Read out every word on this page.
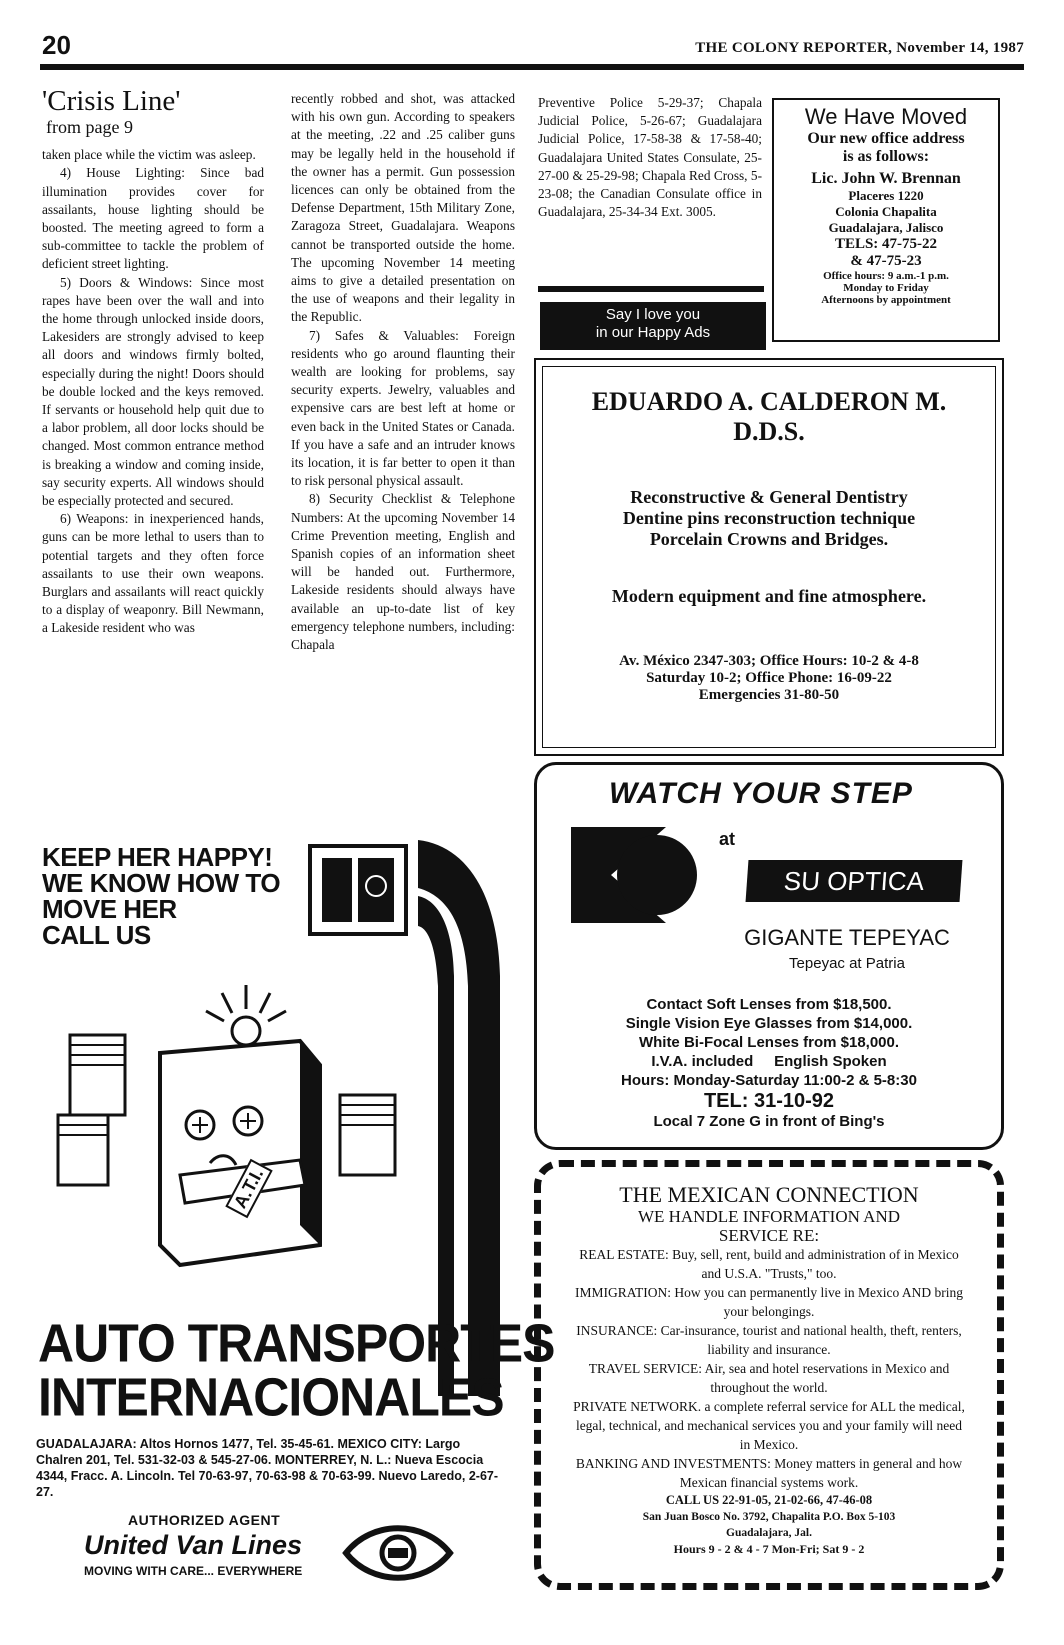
20	THE COLONY REPORTER, November 14, 1987
'Crisis Line'
from page 9

taken place while the victim was asleep.

4) House Lighting: Since bad illumination provides cover for assailants, house lighting should be boosted. The meeting agreed to form a sub-committee to tackle the problem of deficient street lighting.

5) Doors & Windows: Since most rapes have been over the wall and into the home through unlocked inside doors, Lakesiders are strongly advised to keep all doors and windows firmly bolted, especially during the night! Doors should be double locked and the keys removed. If servants or household help quit due to a labor problem, all door locks should be changed. Most common entrance method is breaking a window and coming inside, say security experts. All windows should be especially protected and secured.

6) Weapons: in inexperienced hands, guns can be more lethal to users than to potential targets and they often force assailants to use their own weapons. Burglars and assailants will react quickly to a display of weaponry. Bill Newmann, a Lakeside resident who was

recently robbed and shot, was attacked with his own gun. According to speakers at the meeting, .22 and .25 caliber guns may be legally held in the household if the owner has a permit. Gun possession licences can only be obtained from the Defense Department, 15th Military Zone, Zaragoza Street, Guadalajara. Weapons cannot be transported outside the home. The upcoming November 14 meeting aims to give a detailed presentation on the use of weapons and their legality in the Republic.

7) Safes & Valuables: Foreign residents who go around flaunting their wealth are looking for problems, say security experts. Jewelry, valuables and expensive cars are best left at home or even back in the United States or Canada. If you have a safe and an intruder knows its location, it is far better to open it than to risk personal physical assault.

8) Security Checklist & Telephone Numbers: At the upcoming November 14 Crime Prevention meeting, English and Spanish copies of an information sheet will be handed out. Furthermore, Lakeside residents should always have available an up-to-date list of key emergency telephone numbers, including: Chapala

Preventive Police 5-29-37; Chapala Judicial Police, 5-26-67; Guadalajara Judicial Police, 17-58-38 & 17-58-40; Guadalajara United States Consulate, 25-27-00 & 25-29-98; Chapala Red Cross, 5-23-08; the Canadian Consulate office in Guadalajara, 25-34-34 Ext. 3005.

Say I love you
in our Happy Ads
We Have Moved
Our new office address
is as follows:
Lic. John W. Brennan
Placeres 1220
Colonia Chapalita
Guadalajara, Jalisco
TELS: 47-75-22
& 47-75-23
Office hours: 9 a.m.-1 p.m.
Monday to Friday
Afternoons by appointment
EDUARDO A. CALDERON M.
D.D.S.
Reconstructive & General Dentistry
Dentine pins reconstruction technique
Porcelain Crowns and Bridges.
Modern equipment and fine atmosphere.
Av. México 2347-303; Office Hours: 10-2 & 4-8
Saturday 10-2; Office Phone: 16-09-22
Emergencies 31-80-50
WATCH YOUR STEP
at
SU OPTICA
GIGANTE TEPEYAC
Tepeyac at Patria
Contact Soft Lenses from $18,500.
Single Vision Eye Glasses from $14,000.
White Bi-Focal Lenses from $18,000.
I.V.A. included     English Spoken
Hours: Monday-Saturday 11:00-2 & 5-8:30
TEL: 31-10-92
Local 7 Zone G in front of Bing's
KEEP HER HAPPY!
WE KNOW HOW TO
MOVE HER
CALL US
A.T.I.
AUTO TRANSPORTES
INTERNACIONALES
GUADALAJARA: Altos Hornos 1477, Tel. 35-45-61. MEXICO CITY: Largo Chalren 201, Tel. 531-32-03 & 545-27-06. MONTERREY, N. L.: Nueva Escocia 4344, Fracc. A. Lincoln. Tel 70-63-97, 70-63-98 & 70-63-99. Nuevo Laredo, 2-67-27.
AUTHORIZED AGENT
United Van Lines
MOVING WITH CARE... EVERYWHERE
THE MEXICAN CONNECTION
WE HANDLE INFORMATION AND
SERVICE RE:
REAL ESTATE: Buy, sell, rent, build and administration of in Mexico and U.S.A. "Trusts," too.
IMMIGRATION: How you can permanently live in Mexico AND bring your belongings.
INSURANCE: Car-insurance, tourist and national health, theft, renters, liability and insurance.
TRAVEL SERVICE: Air, sea and hotel reservations in Mexico and throughout the world.
PRIVATE NETWORK. a complete referral service for ALL the medical, legal, technical, and mechanical services you and your family will need in Mexico.
BANKING AND INVESTMENTS: Money matters in general and how Mexican financial systems work.
CALL US 22-91-05, 21-02-66, 47-46-08
San Juan Bosco No. 3792, Chapalita P.O. Box 5-103
Guadalajara, Jal.
Hours 9 - 2 & 4 - 7 Mon-Fri; Sat 9 - 2
